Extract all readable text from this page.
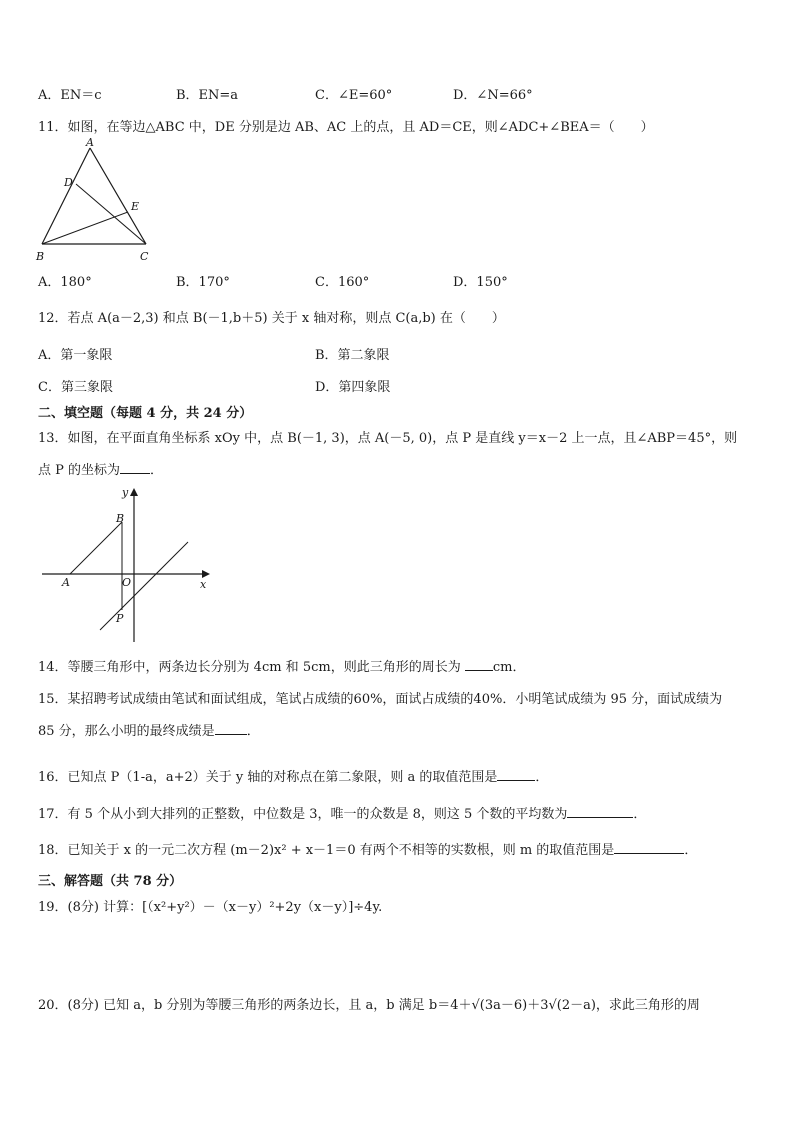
A．EN＝c	B．EN=a	C．∠E=60°	D．∠N=66°
11．如图，在等边△ABC 中，DE 分别是边 AB、AC 上的点，且 AD＝CE，则∠ADC+∠BEA＝（　　）
A
D
E
B	C
A．180°	B．170°	C．160°	D．150°
12．若点 A(a－2,3) 和点 B(－1,b＋5) 关于 x 轴对称，则点 C(a,b) 在（　　）
A．第一象限	B．第二象限
C．第三象限	D．第四象限
二、填空题（每题 4 分，共 24 分）
13．如图，在平面直角坐标系 xOy 中，点 B(－1, 3)，点 A(－5, 0)，点 P 是直线 y＝x－2 上一点，且∠ABP＝45°，则
点 P 的坐标为 ．
y
x
B
A	O
P
14．等腰三角形中，两条边长分别为 4cm 和 5cm，则此三角形的周长为 cm．
15．某招聘考试成绩由笔试和面试组成，笔试占成绩的60%，面试占成绩的40%．小明笔试成绩为 95 分，面试成绩为
85 分，那么小明的最终成绩是 ．
16．已知点 P（1-a，a+2）关于 y 轴的对称点在第二象限，则 a 的取值范围是	．
17．有 5 个从小到大排列的正整数，中位数是 3，唯一的众数是 8，则这 5 个数的平均数为	．
18．已知关于 x 的一元二次方程 (m－2)x² + x－1＝0 有两个不相等的实数根，则 m 的取值范围是	．
三、解答题（共 78 分）
19．(8分) 计算：[（x²+y²）－（x－y）²+2y（x－y）]÷4y.
20．(8分) 已知 a，b 分别为等腰三角形的两条边长，且 a，b 满足 b＝4＋√(3a－6)＋3√(2－a)，求此三角形的周
